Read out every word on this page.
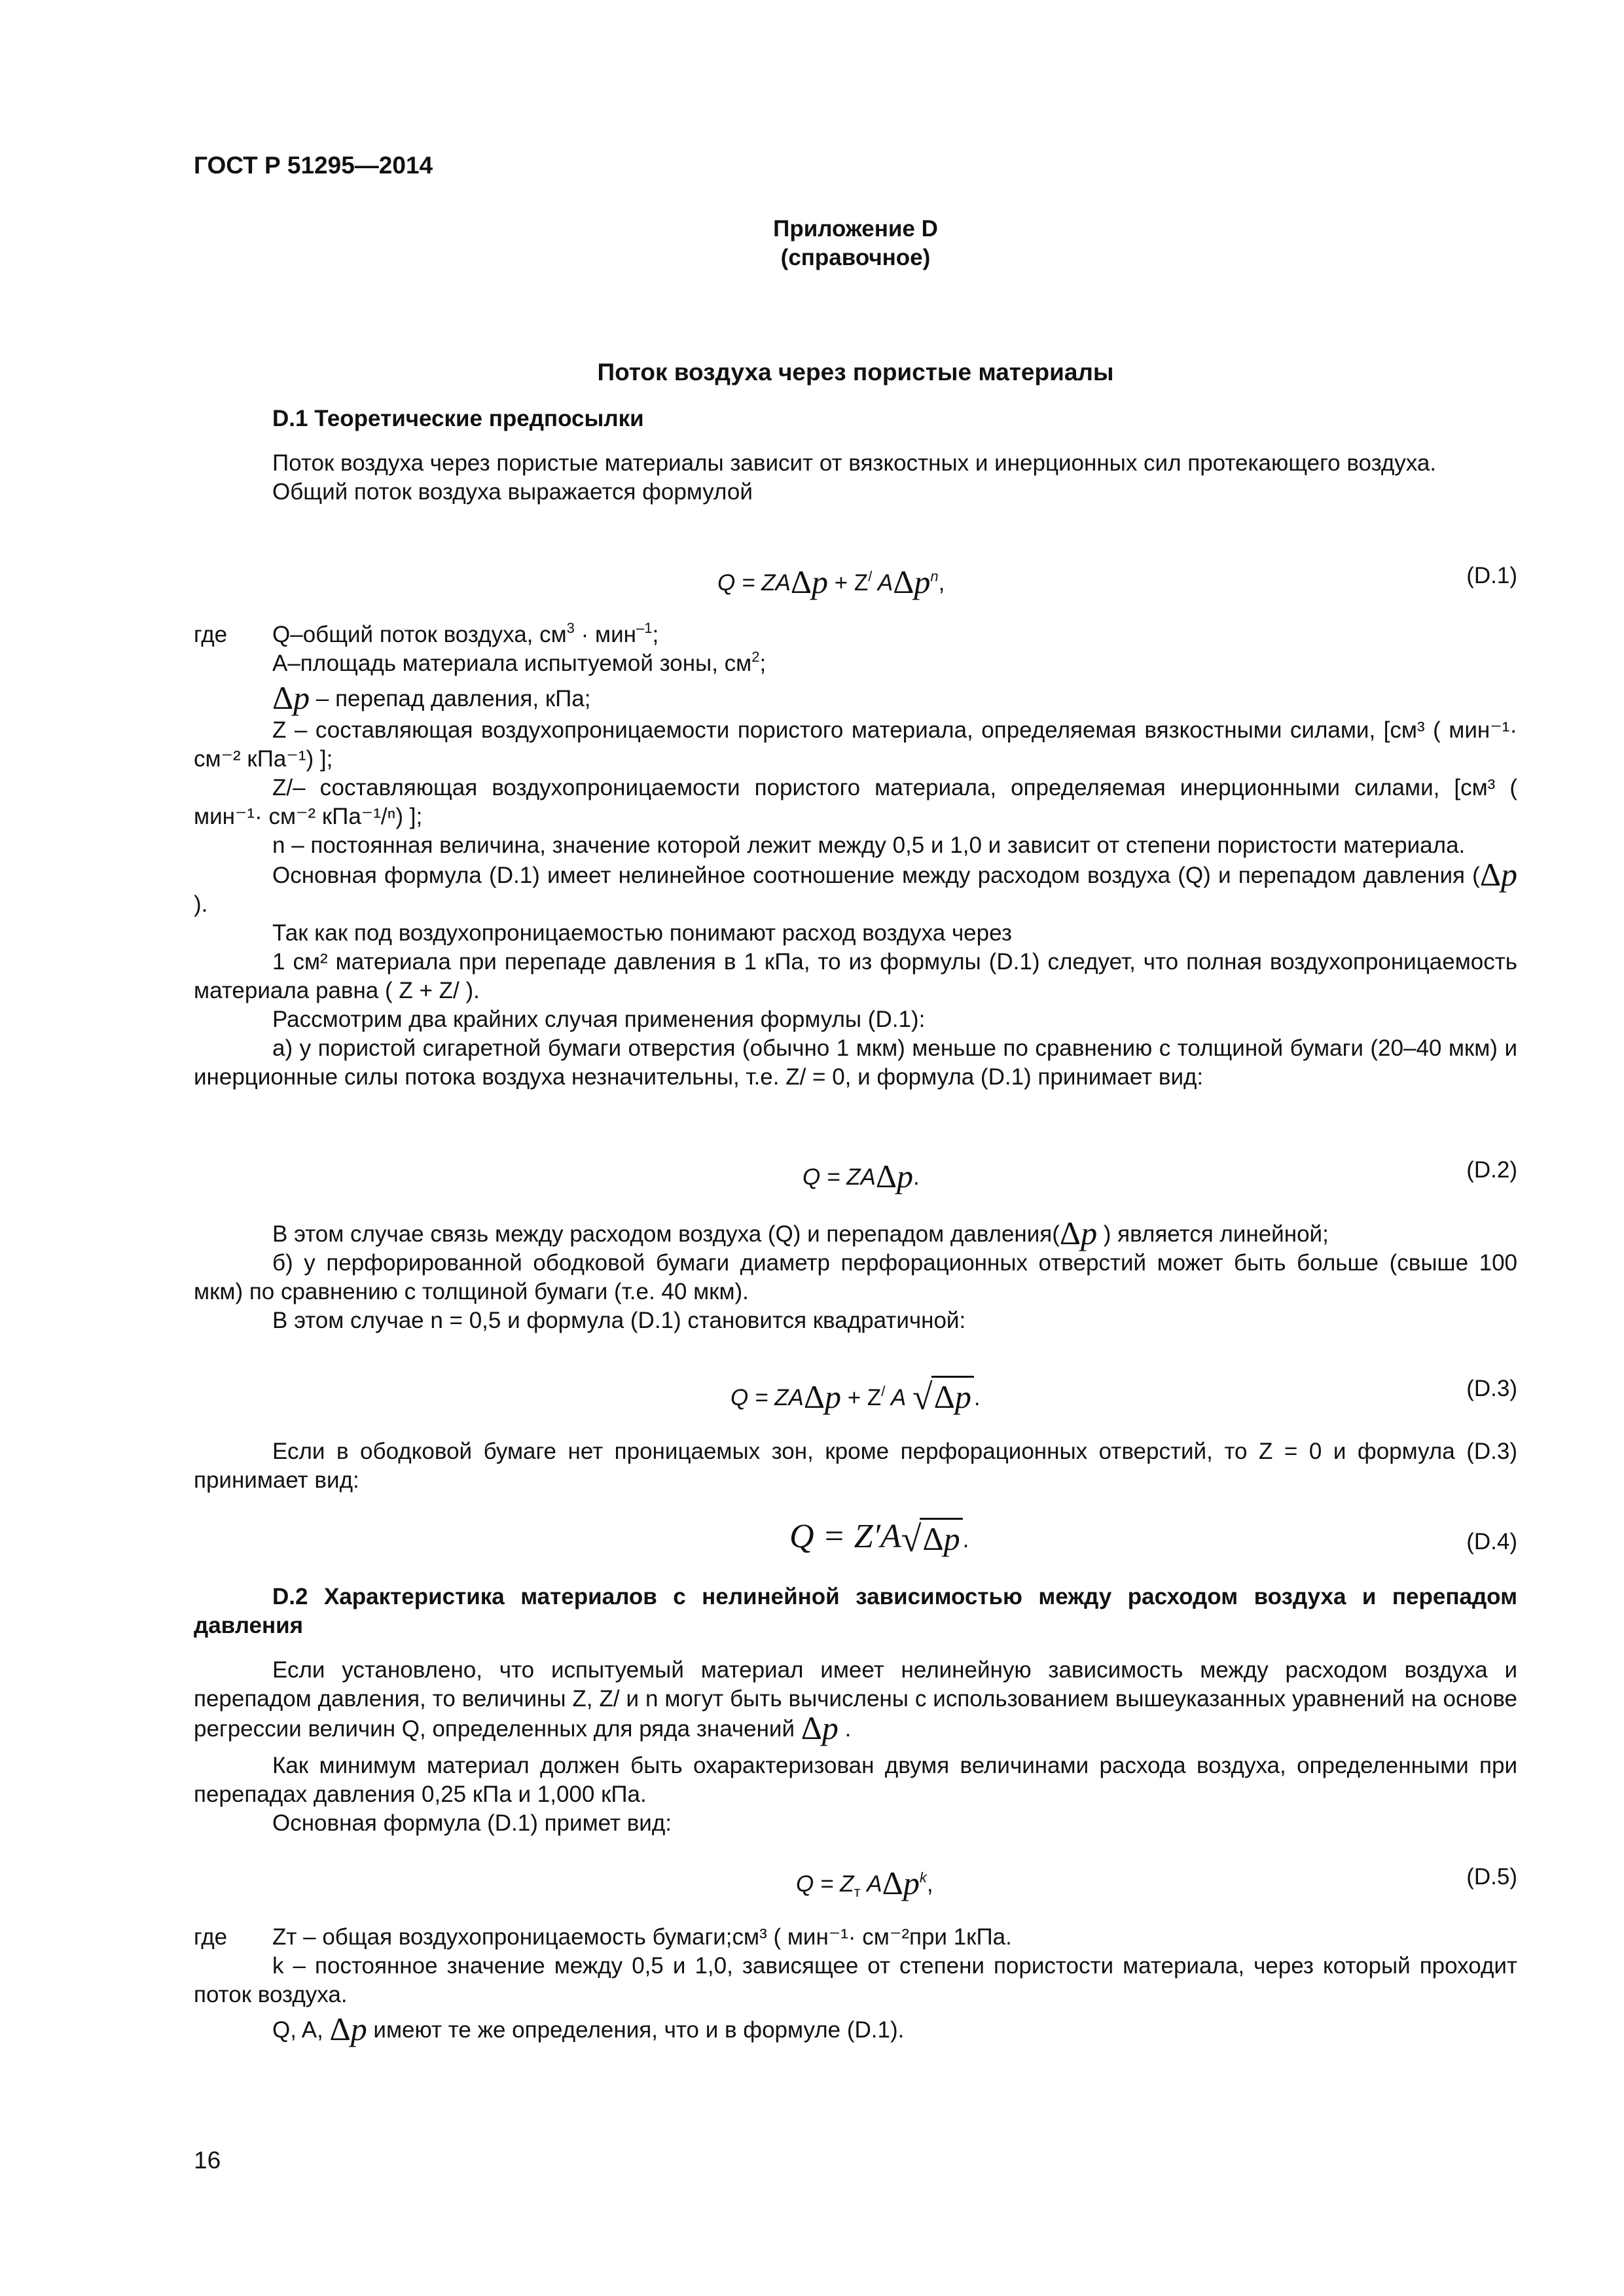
ГОСТ Р 51295—2014
Приложение D
(справочное)
Поток воздуха через пористые материалы

D.1 Теоретические предпосылки

Поток воздуха через пористые материалы зависит от вязкостных и инерционных сил протекающего воздуха.

Общий поток воздуха выражается формулой

Q = ZAΔp + Z/ AΔp$^n$,	(D.1)
где Q–общий поток воздуха, $см^3 \cdot мин^{-1}$;
A–площадь материала испытуемой зоны, $см^2$;
Δp – перепад давления, кПа;

Z – составляющая воздухопроницаемости пористого материала, определяемая вязкостными силами, [см³ ( мин⁻¹· см⁻² кПа⁻¹) ];

Z/– составляющая воздухопроницаемости пористого материала, определяемая инерционными силами, [см³ ( мин⁻¹· см⁻² кПа⁻¹/ⁿ) ];

n – постоянная величина, значение которой лежит между 0,5 и 1,0 и зависит от степени пористости материала.

Основная формула (D.1) имеет нелинейное соотношение между расходом воздуха (Q) и перепадом давления (Δp ).

Так как под воздухопроницаемостью понимают расход воздуха через

1 см² материала при перепаде давления в 1 кПа, то из формулы (D.1) следует, что полная воздухопроницаемость материала равна ( Z + Z/ ).

Рассмотрим два крайних случая применения формулы (D.1):

а) у пористой сигаретной бумаги отверстия (обычно 1 мкм) меньше по сравнению с толщиной бумаги (20–40 мкм) и инерционные силы потока воздуха незначительны, т.е. Z/ = 0, и формула (D.1) принимает вид:

Q = ZAΔp.	(D.2)

В этом случае связь между расходом воздуха (Q) и перепадом давления(Δp ) является линейной;

б) у перфорированной ободковой бумаги диаметр перфорационных отверстий может быть больше (свыше 100 мкм) по сравнению с толщиной бумаги (т.е. 40 мкм).

В этом случае n = 0,5 и формула (D.1) становится квадратичной:

Q = ZAΔp + Z/ A √Δp .	(D.3)

Если в ободковой бумаге нет проницаемых зон, кроме перфорационных отверстий, то Z = 0 и формула (D.3) принимает вид:

Q = Z′A√Δp .	(D.4)

D.2 Характеристика материалов с нелинейной зависимостью между расходом воздуха и перепадом давления

Если установлено, что испытуемый материал имеет нелинейную зависимость между расходом воздуха и перепадом давления, то величины Z, Z/ и n могут быть вычислены с использованием вышеуказанных уравнений на основе регрессии величин Q, определенных для ряда значений Δp .

Как минимум материал должен быть охарактеризован двумя величинами расхода воздуха, определенными при перепадах давления 0,25 кПа и 1,000 кПа.

Основная формула (D.1) примет вид:

$Q = Z_т$ AΔp$^k$,	(D.5)
где Zт – общая воздухопроницаемость бумаги;см³ ( мин⁻¹· см⁻²при 1кПа.

k – постоянное значение между 0,5 и 1,0, зависящее от степени пористости материала, через который проходит поток воздуха.

Q, A, Δp имеют те же определения, что и в формуле (D.1).

16
